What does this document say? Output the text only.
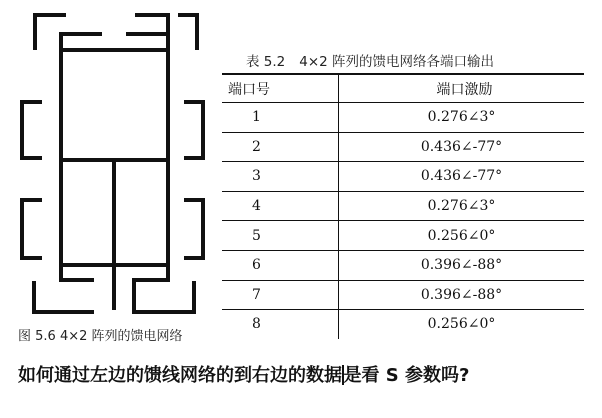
图 5.6 4×2 阵列的馈电网络
表 5.2 4×2 阵列的馈电网络各端口输出
端口号	端口激励
1	0.276∠3°
2	0.436∠-77°
3	0.436∠-77°
4	0.276∠3°
5	0.256∠0°
6	0.396∠-88°
7	0.396∠-88°
8	0.256∠0°
如何通过左边的馈线网络的到右边的数据是看 S 参数吗?
